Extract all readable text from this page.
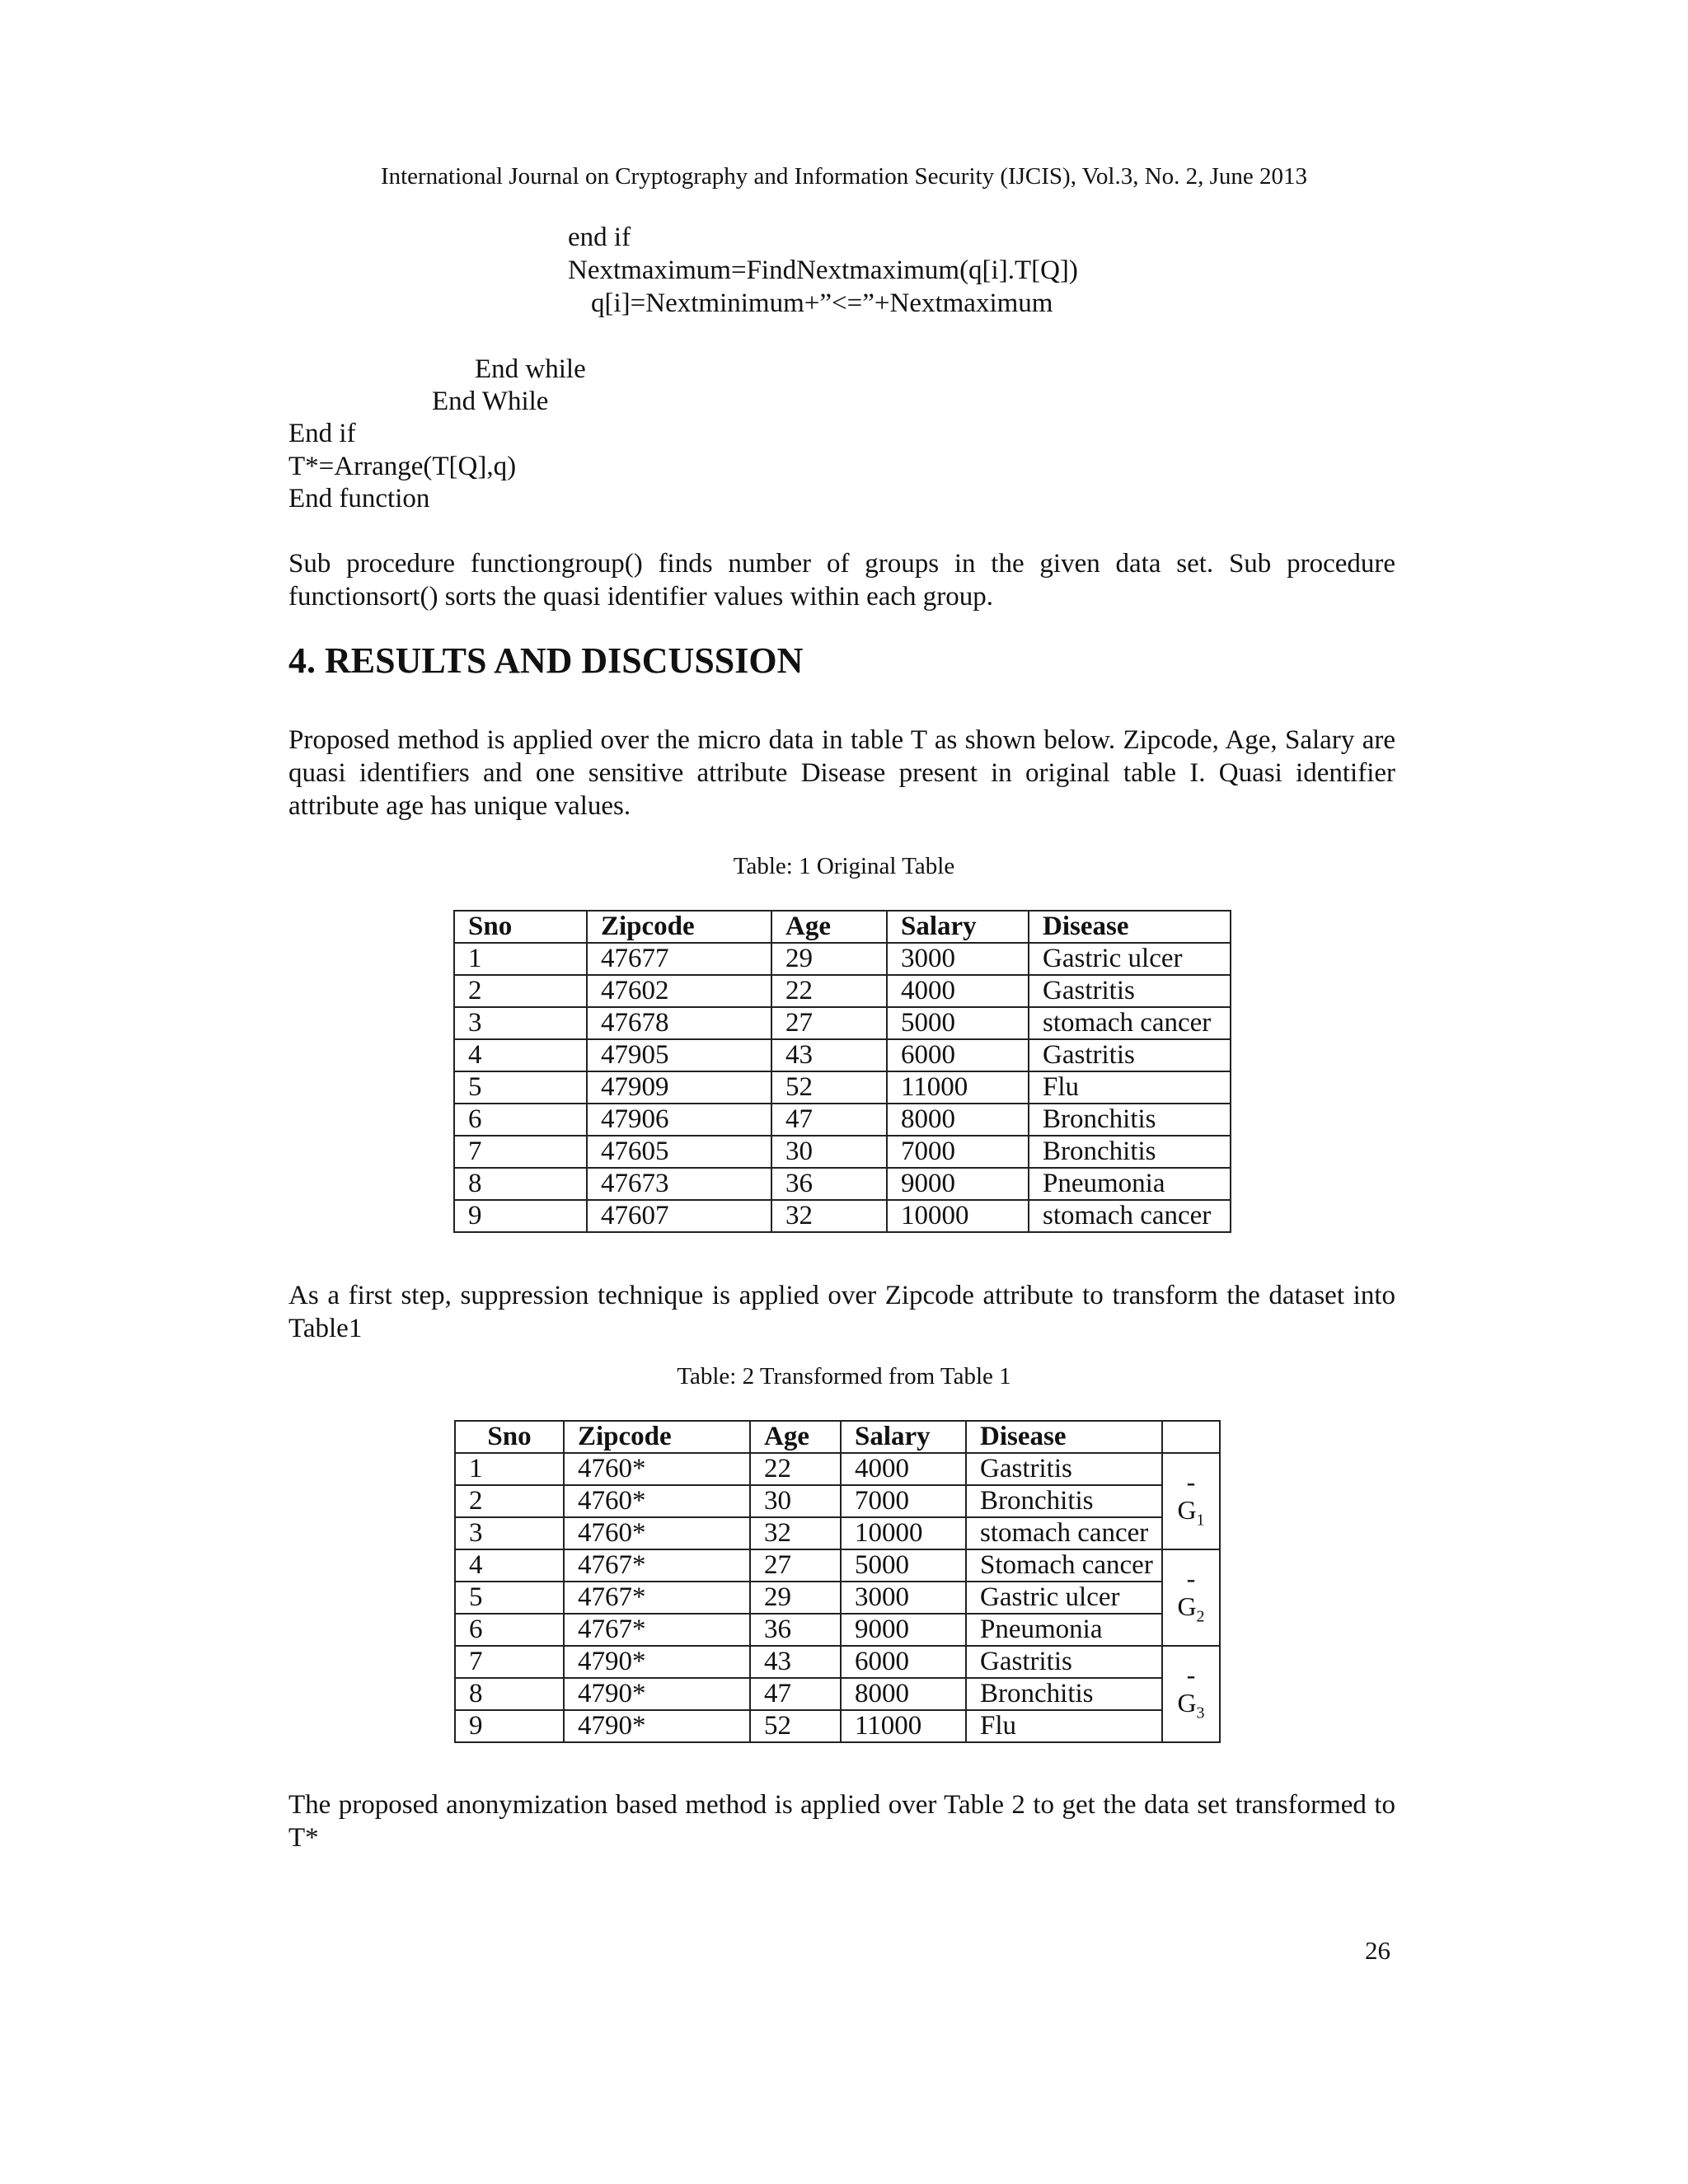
International Journal on Cryptography and Information Security (IJCIS), Vol.3, No. 2, June 2013
end if
Nextmaximum=FindNextmaximum(q[i].T[Q])
q[i]=Nextminimum+”<=”+Nextmaximum
End while
End While
End if
T*=Arrange(T[Q],q)
End function
Sub procedure functiongroup() finds number of groups in the given data set. Sub procedure functionsort() sorts the quasi identifier values within each group.
4. RESULTS AND DISCUSSION
Proposed method is applied over the micro data in table T as shown below. Zipcode, Age, Salary are quasi identifiers and one sensitive attribute Disease present in original table I. Quasi identifier attribute age has unique values.
Table: 1 Original Table
Sno	Zipcode	Age	Salary	Disease
1	47677	29	3000	Gastric ulcer
2	47602	22	4000	Gastritis
3	47678	27	5000	stomach cancer
4	47905	43	6000	Gastritis
5	47909	52	11000	Flu
6	47906	47	8000	Bronchitis
7	47605	30	7000	Bronchitis
8	47673	36	9000	Pneumonia
9	47607	32	10000	stomach cancer
As a first step, suppression technique is applied over Zipcode attribute to transform the dataset into Table1
Table: 2 Transformed from Table 1
Sno	Zipcode	Age	Salary	Disease	
1	4760*	22	4000	Gastritis	-
$G_1$

2	4760*	30	7000	Bronchitis	
3	4760*	32	10000	stomach cancer	
4	4767*	27	5000	Stomach cancer	-
$G_2$

5	4767*	29	3000	Gastric ulcer	
6	4767*	36	9000	Pneumonia	
7	4790*	43	6000	Gastritis	-
$G_3$

8	4790*	47	8000	Bronchitis	
9	4790*	52	11000	Flu	
The proposed anonymization based method is applied over Table 2 to get the data set transformed to T*
26
